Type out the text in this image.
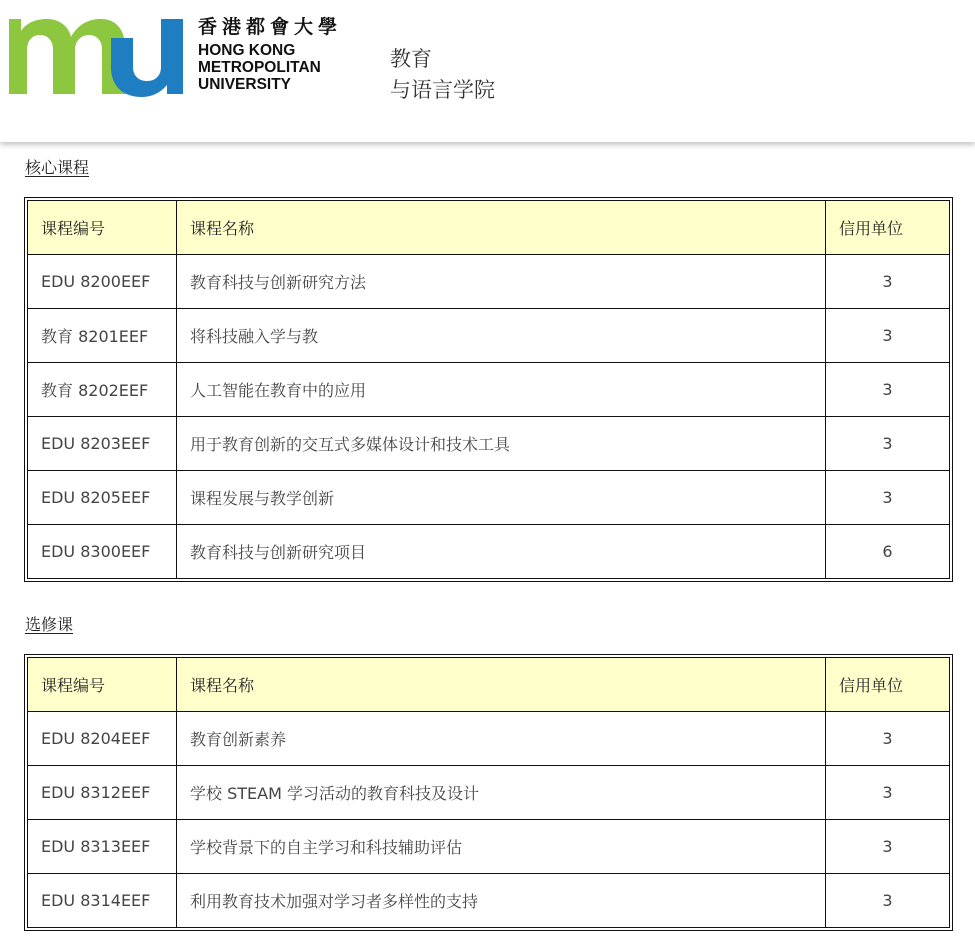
香港都會大學
HONG KONG
METROPOLITAN
UNIVERSITY
教育
与语言学院
核心课程
课程编号	课程名称	信用单位
EDU 8200EEF	教育科技与创新研究方法	3
教育 8201EEF	将科技融入学与教	3
教育 8202EEF	人工智能在教育中的应用	3
EDU 8203EEF	用于教育创新的交互式多媒体设计和技术工具	3
EDU 8205EEF	课程发展与教学创新	3
EDU 8300EEF	教育科技与创新研究项目	6
选修课
课程编号	课程名称	信用单位
EDU 8204EEF	教育创新素养	3
EDU 8312EEF	学校 STEAM 学习活动的教育科技及设计	3
EDU 8313EEF	学校背景下的自主学习和科技辅助评估	3
EDU 8314EEF	利用教育技术加强对学习者多样性的支持	3
